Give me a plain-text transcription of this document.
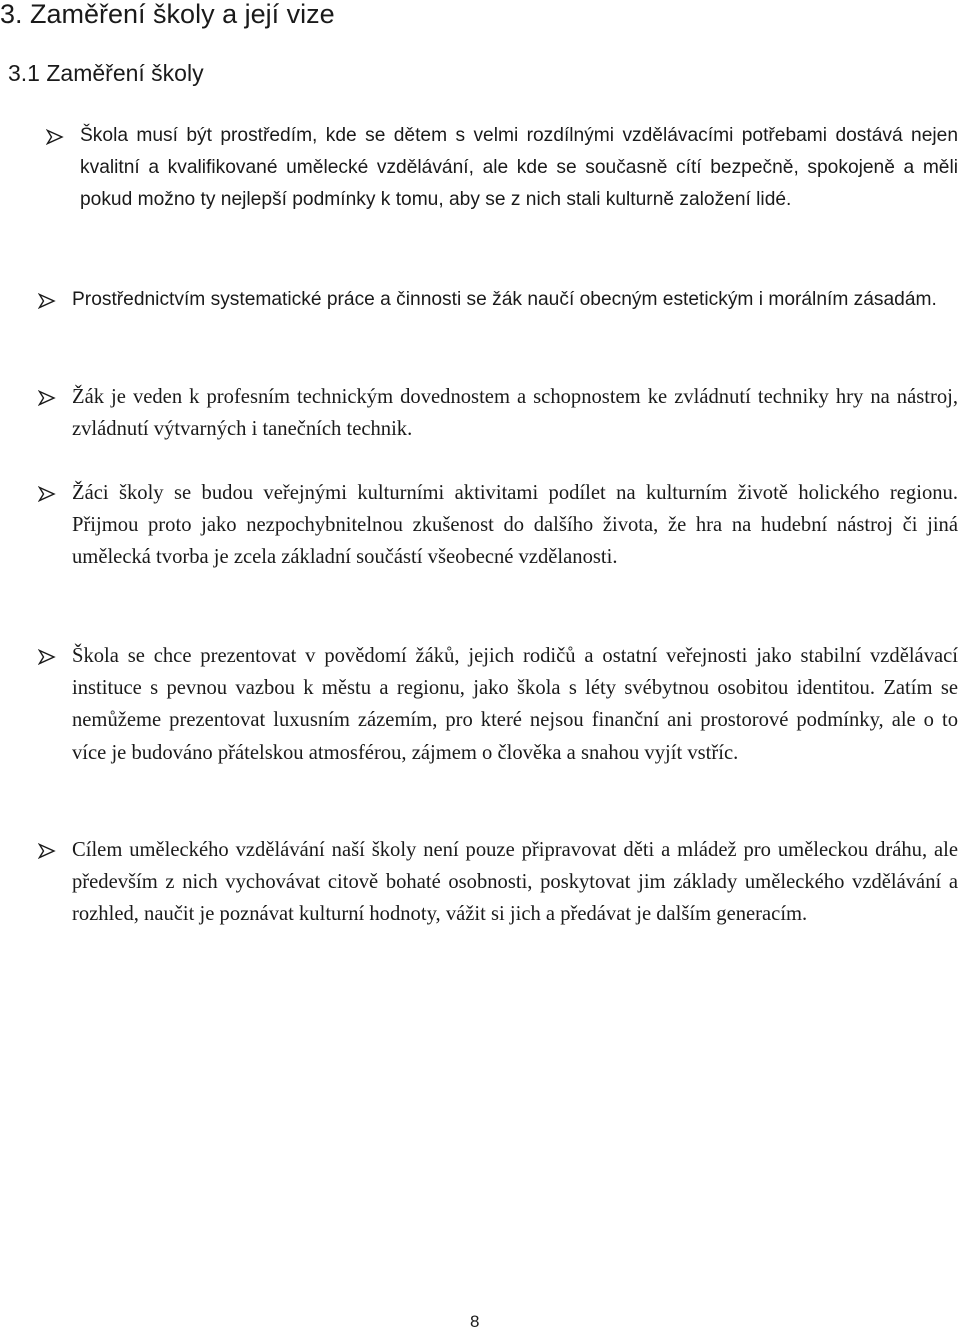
3. Zaměření školy a její vize
3.1 Zaměření školy

Škola musí být prostředím, kde se dětem s velmi rozdílnými vzdělávacími potřebami dostává nejen kvalitní a kvalifikované umělecké vzdělávání, ale kde se současně cítí bezpečně, spokojeně a měli pokud možno ty nejlepší podmínky k tomu, aby se z nich stali kulturně založení lidé.

Prostřednictvím systematické práce a činnosti se žák naučí obecným estetickým i morálním zásadám.

Žák je veden k profesním technickým dovednostem a schopnostem ke zvládnutí techniky hry na nástroj, zvládnutí výtvarných i tanečních technik.

Žáci školy se budou veřejnými kulturními aktivitami podílet na kulturním životě holického regionu. Přijmou proto jako nezpochybnitelnou zkušenost do dalšího života, že hra na hudební nástroj či jiná umělecká tvorba je zcela základní součástí všeobecné vzdělanosti.

Škola se chce prezentovat v povědomí žáků, jejich rodičů a ostatní veřejnosti jako stabilní vzdělávací instituce s pevnou vazbou k městu a regionu, jako škola s léty svébytnou osobitou identitou. Zatím se nemůžeme prezentovat luxusním zázemím, pro které nejsou finanční ani prostorové podmínky, ale o to více je budováno přátelskou atmosférou, zájmem o člověka a snahou vyjít vstříc.

Cílem uměleckého vzdělávání naší školy není pouze připravovat děti a mládež pro uměleckou dráhu, ale především z nich vychovávat citově bohaté osobnosti, poskytovat jim základy uměleckého vzdělávání a rozhled, naučit je poznávat kulturní hodnoty, vážit si jich a předávat je dalším generacím.

8
